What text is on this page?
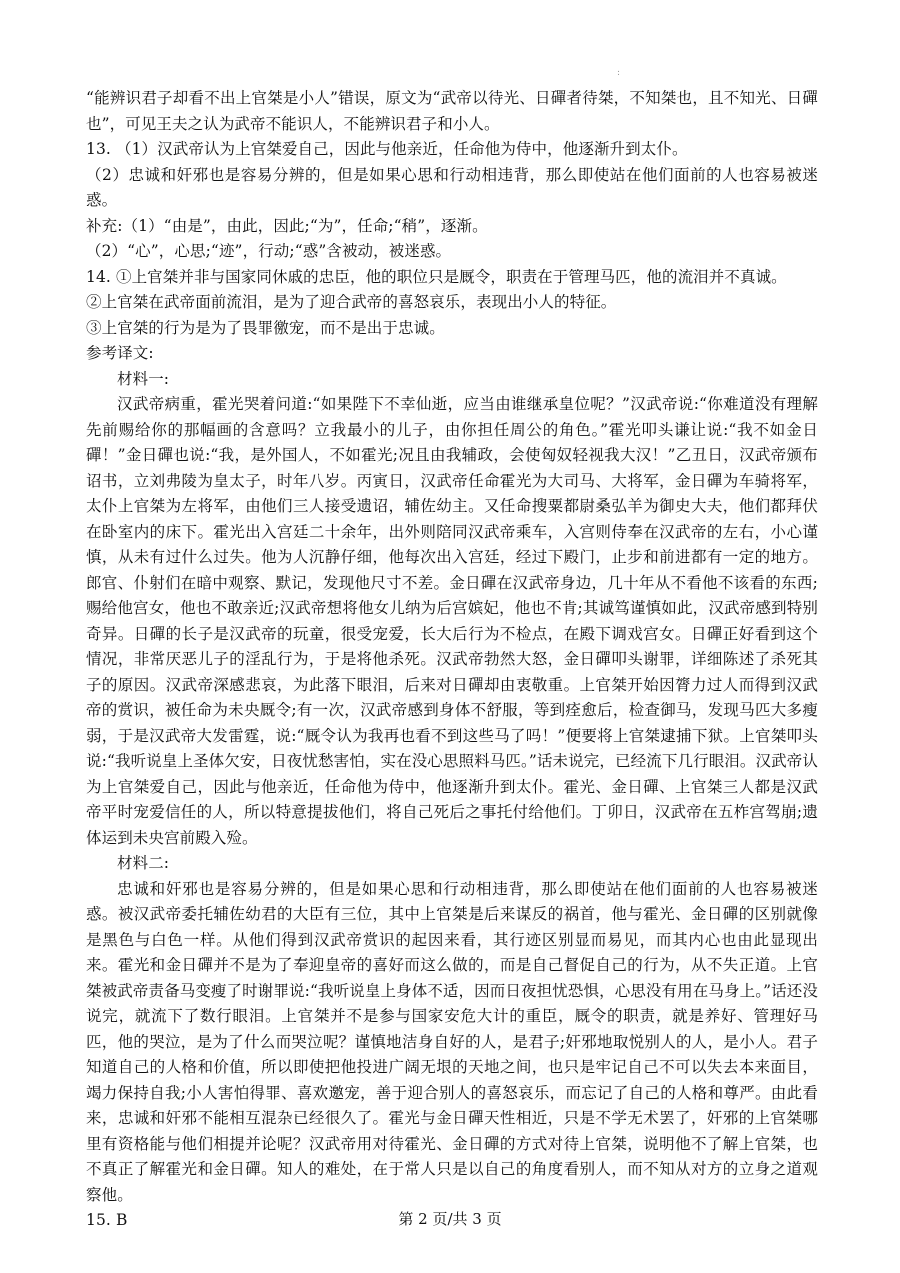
:

“能辨识君子却看不出上官桀是小人”错误，原文为“武帝以待光、日磾者待桀，不知桀也，且不知光、日磾也”，可见王夫之认为武帝不能识人，不能辨识君子和小人。

13. （1）汉武帝认为上官桀爱自己，因此与他亲近，任命他为侍中，他逐渐升到太仆。

（2）忠诚和奸邪也是容易分辨的，但是如果心思和行动相违背，那么即使站在他们面前的人也容易被迷惑。

补充:（1）“由是”，由此，因此;“为”，任命;“稍”，逐渐。

（2）“心”，心思;“迹”，行动;“惑”含被动，被迷惑。

14. ①上官桀并非与国家同休戚的忠臣，他的职位只是厩令，职责在于管理马匹，他的流泪并不真诚。

②上官桀在武帝面前流泪，是为了迎合武帝的喜怒哀乐，表现出小人的特征。

③上官桀的行为是为了畏罪徼宠，而不是出于忠诚。

参考译文:

材料一:

汉武帝病重，霍光哭着问道:“如果陛下不幸仙逝，应当由谁继承皇位呢？”汉武帝说:“你难道没有理解先前赐给你的那幅画的含意吗？立我最小的儿子，由你担任周公的角色。”霍光叩头谦让说:“我不如金日磾！”金日磾也说:“我，是外国人，不如霍光;况且由我辅政，会使匈奴轻视我大汉！”乙丑日，汉武帝颁布诏书，立刘弗陵为皇太子，时年八岁。丙寅日，汉武帝任命霍光为大司马、大将军，金日磾为车骑将军，太仆上官桀为左将军，由他们三人接受遗诏，辅佐幼主。又任命搜粟都尉桑弘羊为御史大夫，他们都拜伏在卧室内的床下。霍光出入宫廷二十余年，出外则陪同汉武帝乘车，入宫则侍奉在汉武帝的左右，小心谨慎，从未有过什么过失。他为人沉静仔细，他每次出入宫廷，经过下殿门，止步和前进都有一定的地方。郎官、仆射们在暗中观察、默记，发现他尺寸不差。金日磾在汉武帝身边，几十年从不看他不该看的东西;赐给他宫女，他也不敢亲近;汉武帝想将他女儿纳为后宫嫔妃，他也不肯;其诚笃谨慎如此，汉武帝感到特别奇异。日磾的长子是汉武帝的玩童，很受宠爱，长大后行为不检点，在殿下调戏宫女。日磾正好看到这个情况，非常厌恶儿子的淫乱行为，于是将他杀死。汉武帝勃然大怒，金日磾叩头谢罪，详细陈述了杀死其子的原因。汉武帝深感悲哀，为此落下眼泪，后来对日磾却由衷敬重。上官桀开始因膂力过人而得到汉武帝的赏识，被任命为未央厩令;有一次，汉武帝感到身体不舒服，等到痊愈后，检查御马，发现马匹大多瘦弱，于是汉武帝大发雷霆，说:“厩令认为我再也看不到这些马了吗！”便要将上官桀逮捕下狱。上官桀叩头说:“我听说皇上圣体欠安，日夜忧愁害怕，实在没心思照料马匹。”话未说完，已经流下几行眼泪。汉武帝认为上官桀爱自己，因此与他亲近，任命他为侍中，他逐渐升到太仆。霍光、金日磾、上官桀三人都是汉武帝平时宠爱信任的人，所以特意提拔他们，将自己死后之事托付给他们。丁卯日，汉武帝在五柞宫驾崩;遗体运到未央宫前殿入殓。

材料二:

忠诚和奸邪也是容易分辨的，但是如果心思和行动相违背，那么即使站在他们面前的人也容易被迷惑。被汉武帝委托辅佐幼君的大臣有三位，其中上官桀是后来谋反的祸首，他与霍光、金日磾的区别就像是黑色与白色一样。从他们得到汉武帝赏识的起因来看，其行迹区别显而易见，而其内心也由此显现出来。霍光和金日磾并不是为了奉迎皇帝的喜好而这么做的，而是自己督促自己的行为，从不失正道。上官桀被武帝责备马变瘦了时谢罪说:“我听说皇上身体不适，因而日夜担忧恐惧，心思没有用在马身上。”话还没说完，就流下了数行眼泪。上官桀并不是参与国家安危大计的重臣，厩令的职责，就是养好、管理好马匹，他的哭泣，是为了什么而哭泣呢？谨慎地洁身自好的人，是君子;奸邪地取悦别人的人，是小人。君子知道自己的人格和价值，所以即使把他投进广阔无垠的天地之间，也只是牢记自己不可以失去本来面目，竭力保持自我;小人害怕得罪、喜欢邀宠，善于迎合别人的喜怒哀乐，而忘记了自己的人格和尊严。由此看来，忠诚和奸邪不能相互混杂已经很久了。霍光与金日磾天性相近，只是不学无术罢了，奸邪的上官桀哪里有资格能与他们相提并论呢？汉武帝用对待霍光、金日磾的方式对待上官桀，说明他不了解上官桀，也不真正了解霍光和金日磾。知人的难处，在于常人只是以自己的角度看别人，而不知从对方的立身之道观察他。

15. B	第 2 页/共 3 页
